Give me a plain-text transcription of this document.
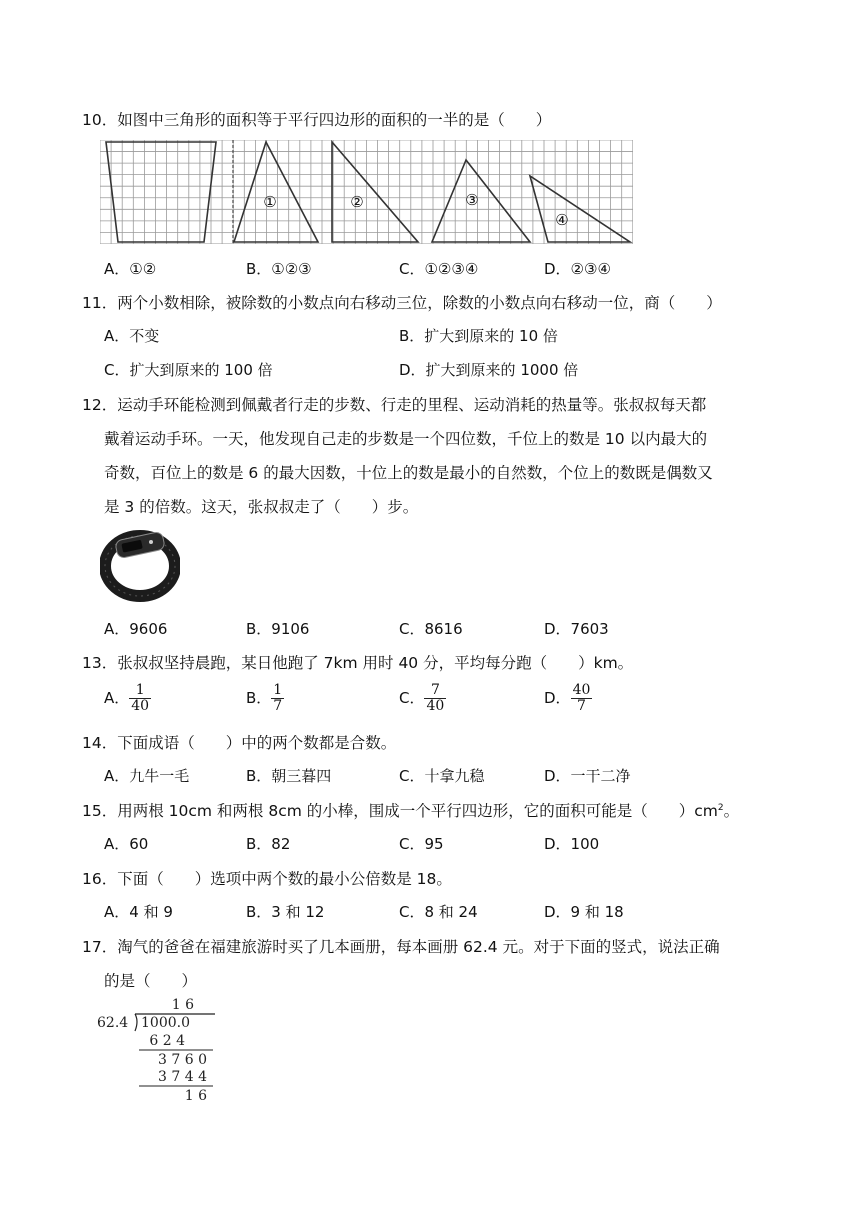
10．如图中三角形的面积等于平行四边形的面积的一半的是（　　）
①	②	③
④
A．①②	B．①②③	C．①②③④	D．②③④
11．两个小数相除，被除数的小数点向右移动三位，除数的小数点向右移动一位，商（　　）
A．不变	B．扩大到原来的 10 倍
C．扩大到原来的 100 倍	D．扩大到原来的 1000 倍
12．运动手环能检测到佩戴者行走的步数、行走的里程、运动消耗的热量等。张叔叔每天都
戴着运动手环。一天，他发现自己走的步数是一个四位数，千位上的数是 10 以内最大的
奇数，百位上的数是 6 的最大因数，十位上的数是最小的自然数，个位上的数既是偶数又
是 3 的倍数。这天，张叔叔走了（　　）步。
A．9606	B．9106	C．8616	D．7603
13．张叔叔坚持晨跑，某日他跑了 7km 用时 40 分，平均每分跑（　　）km。
A． $\frac{1}{40}$	B． $\frac{1}{7}$	C． $\frac{7}{40}$	D． $\frac{40}{7}$
14．下面成语（　　）中的两个数都是合数。
A．九牛一毛	B．朝三暮四	C．十拿九稳	D．一干二净
15．用两根 10cm 和两根 8cm 的小棒，围成一个平行四边形，它的面积可能是（　　）$cm^2$。
A．60	B．82	C．95	D．100
16．下面（　　）选项中两个数的最小公倍数是 18。
A．4 和 9	B．3 和 12	C．8 和 24	D．9 和 18
17．淘气的爸爸在福建旅游时买了几本画册，每本画册 62.4 元。对于下面的竖式，说法正确
的是（　　）
1 6
62.4 1000.0
6 2 4
3 7 6 0
3 7 4 4
1 6
